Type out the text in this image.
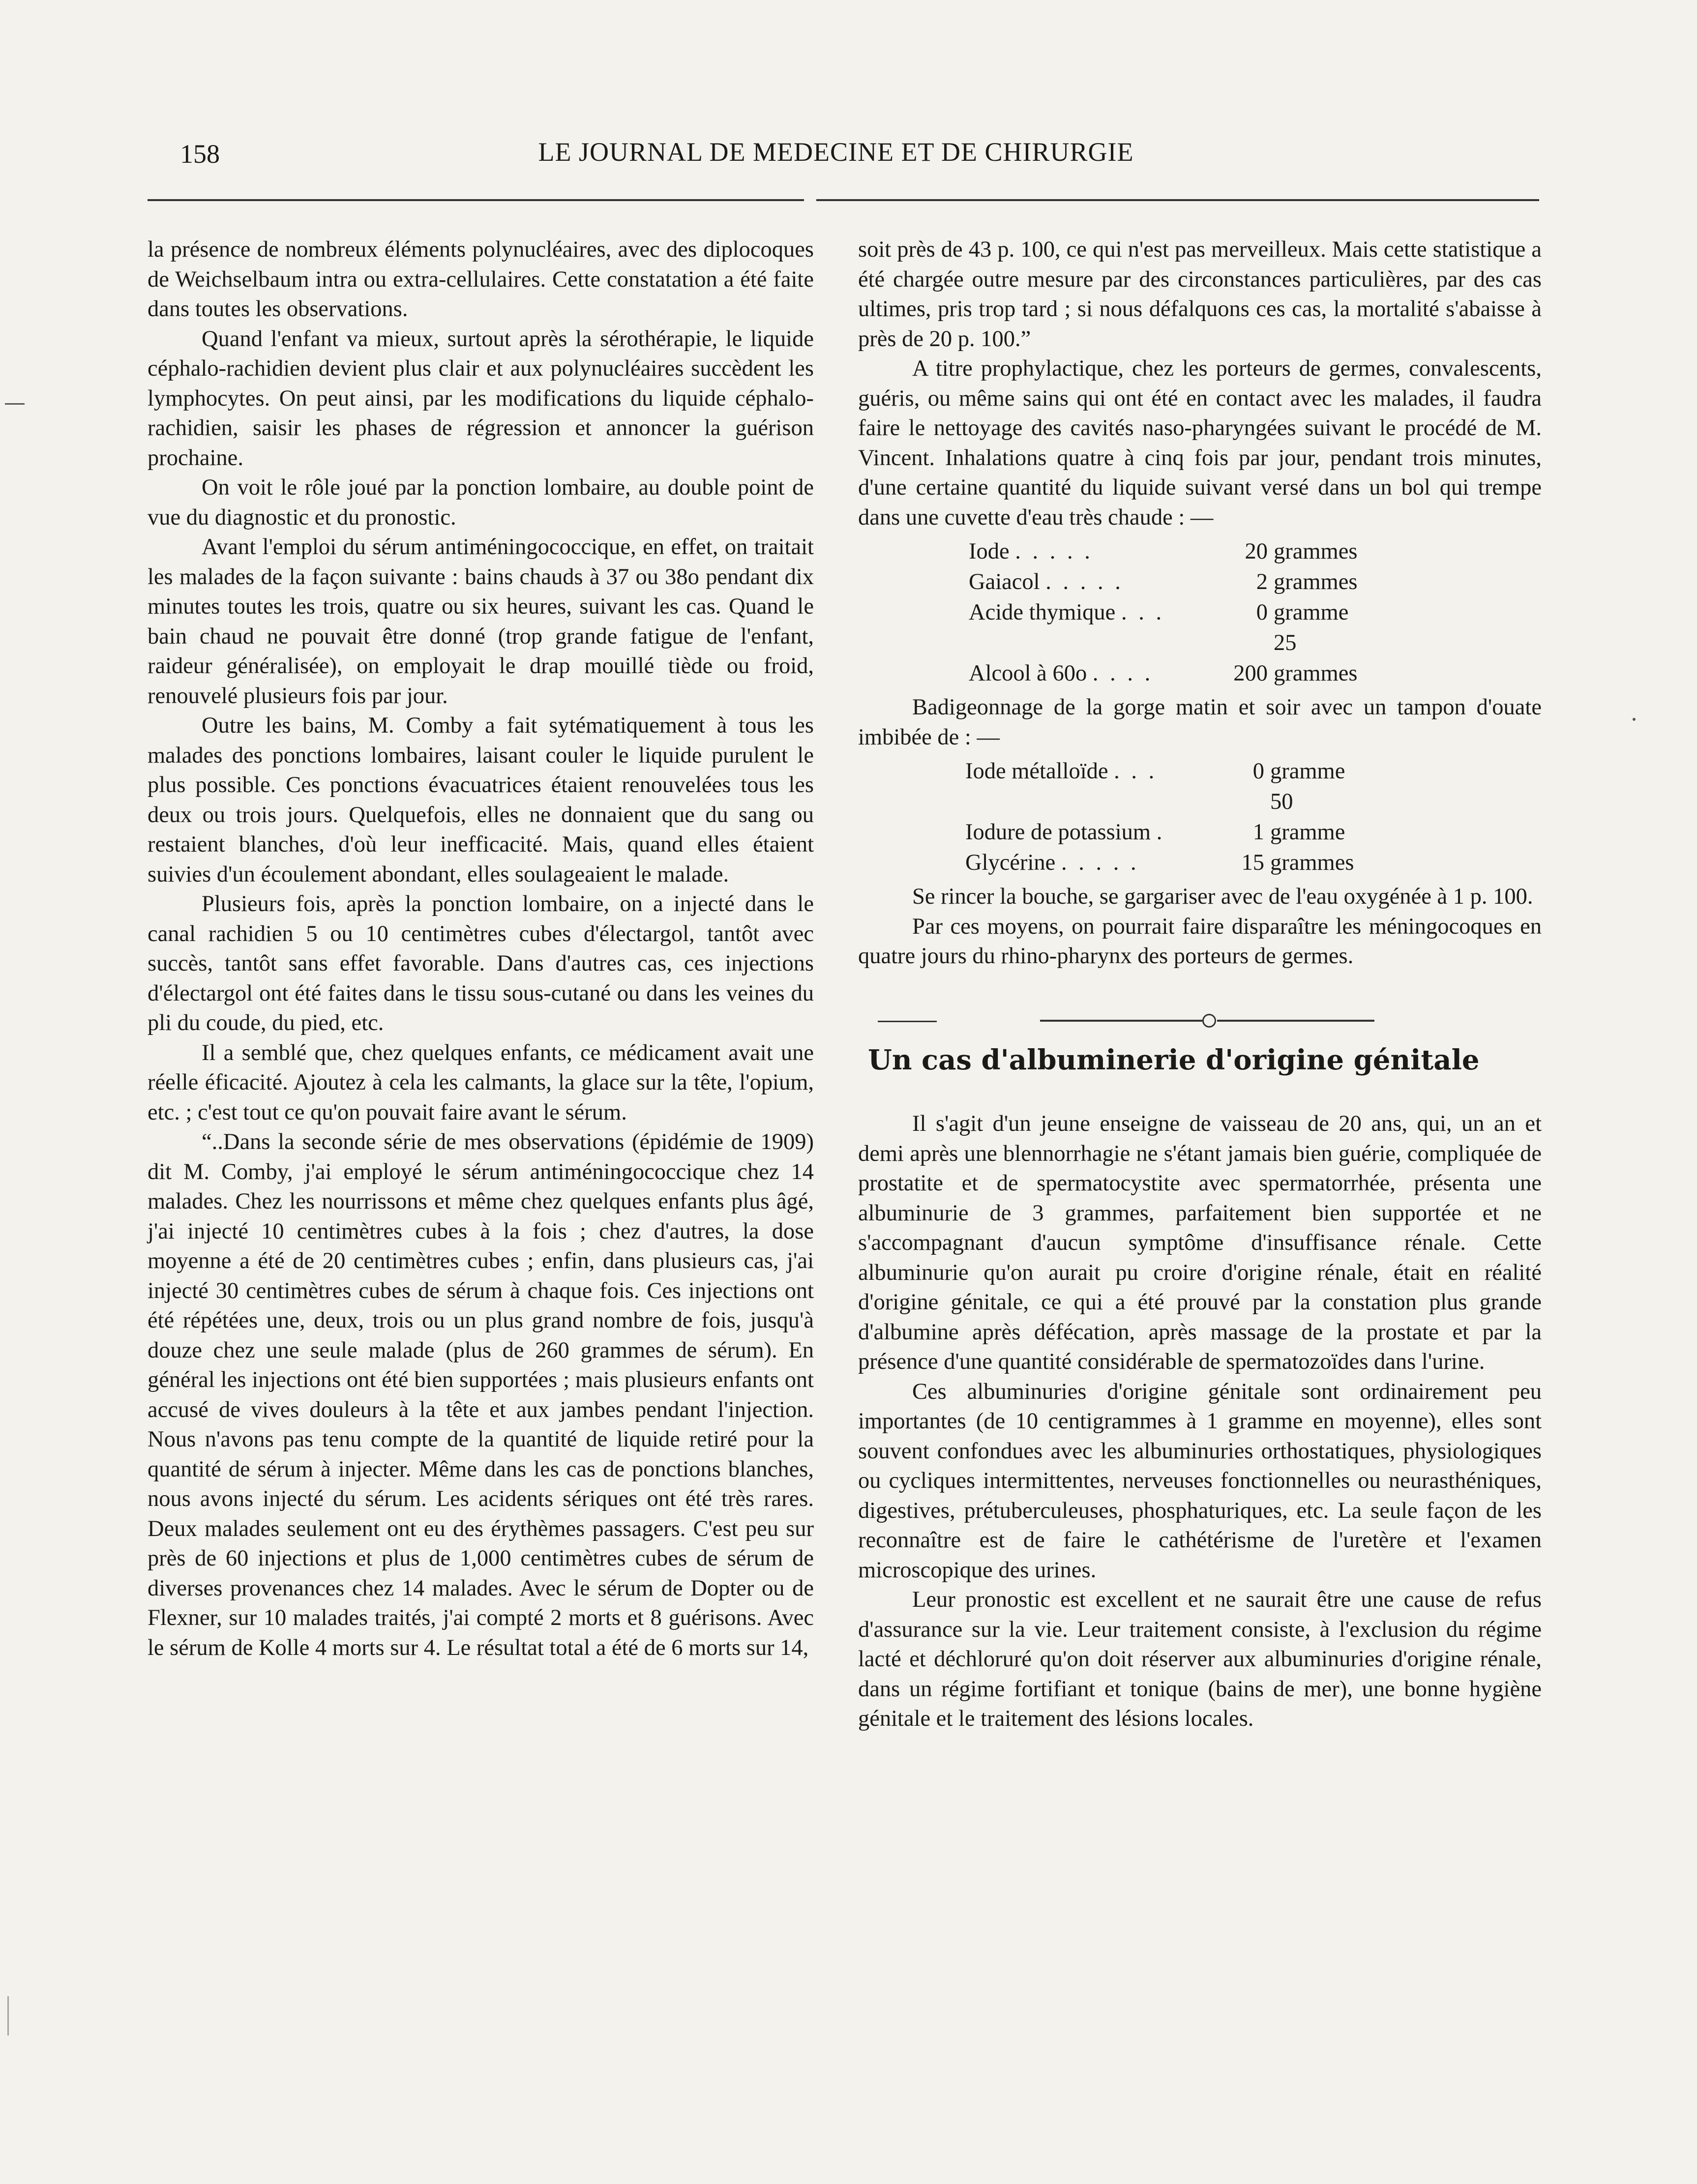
158	LE JOURNAL DE MEDECINE ET DE CHIRURGIE

la présence de nombreux éléments polynucléaires, avec des diplocoques de Weichselbaum intra ou extra-cellulaires. Cette constatation a été faite dans toutes les observations.

Quand l'enfant va mieux, surtout après la sérothérapie, le liquide céphalo-rachidien devient plus clair et aux polynucléaires succèdent les lymphocytes. On peut ainsi, par les modifications du liquide céphalo-rachidien, saisir les phases de régression et annoncer la guérison prochaine.

On voit le rôle joué par la ponction lombaire, au double point de vue du diagnostic et du pronostic.

Avant l'emploi du sérum antiméningococcique, en effet, on traitait les malades de la façon suivante : bains chauds à 37 ou 38o pendant dix minutes toutes les trois, quatre ou six heures, suivant les cas. Quand le bain chaud ne pouvait être donné (trop grande fatigue de l'enfant, raideur généralisée), on employait le drap mouillé tiède ou froid, renouvelé plusieurs fois par jour.

Outre les bains, M. Comby a fait sytématiquement à tous les malades des ponctions lombaires, laisant couler le liquide purulent le plus possible. Ces ponctions évacuatrices étaient renouvelées tous les deux ou trois jours. Quelquefois, elles ne donnaient que du sang ou restaient blanches, d'où leur inefficacité. Mais, quand elles étaient suivies d'un écoulement abondant, elles soulageaient le malade.

Plusieurs fois, après la ponction lombaire, on a injecté dans le canal rachidien 5 ou 10 centimètres cubes d'électargol, tantôt avec succès, tantôt sans effet favorable. Dans d'autres cas, ces injections d'électargol ont été faites dans le tissu sous-cutané ou dans les veines du pli du coude, du pied, etc.

Il a semblé que, chez quelques enfants, ce médicament avait une réelle éficacité. Ajoutez à cela les calmants, la glace sur la tête, l'opium, etc. ; c'est tout ce qu'on pouvait faire avant le sérum.

“..Dans la seconde série de mes observations (épidémie de 1909) dit M. Comby, j'ai employé le sérum antiméningococcique chez 14 malades. Chez les nourrissons et même chez quelques enfants plus âgé, j'ai injecté 10 centimètres cubes à la fois ; chez d'autres, la dose moyenne a été de 20 centimètres cubes ; enfin, dans plusieurs cas, j'ai injecté 30 centimètres cubes de sérum à chaque fois. Ces injections ont été répétées une, deux, trois ou un plus grand nombre de fois, jusqu'à douze chez une seule malade (plus de 260 grammes de sérum). En général les injections ont été bien supportées ; mais plusieurs enfants ont accusé de vives douleurs à la tête et aux jambes pendant l'injection. Nous n'avons pas tenu compte de la quantité de liquide retiré pour la quantité de sérum à injecter. Même dans les cas de ponctions blanches, nous avons injecté du sérum. Les acidents sériques ont été très rares. Deux malades seulement ont eu des érythèmes passagers. C'est peu sur près de 60 injections et plus de 1,000 centimètres cubes de sérum de diverses provenances chez 14 malades. Avec le sérum de Dopter ou de Flexner, sur 10 malades traités, j'ai compté 2 morts et 8 guérisons. Avec le sérum de Kolle 4 morts sur 4. Le résultat total a été de 6 morts sur 14,

soit près de 43 p. 100, ce qui n'est pas merveilleux. Mais cette statistique a été chargée outre mesure par des circonstances particulières, par des cas ultimes, pris trop tard ; si nous défalquons ces cas, la mortalité s'abaisse à près de 20 p. 100.”

A titre prophylactique, chez les porteurs de germes, convalescents, guéris, ou même sains qui ont été en contact avec les malades, il faudra faire le nettoyage des cavités naso-pharyngées suivant le procédé de M. Vincent. Inhalations quatre à cinq fois par jour, pendant trois minutes, d'une certaine quantité du liquide suivant versé dans un bol qui trempe dans une cuvette d'eau très chaude : —

Iode . . . . .	20 grammes
Gaiacol . . . . .	2 grammes
Acide thymique . . .	0 gramme 25
Alcool à 60o . . . .	200 grammes

Badigeonnage de la gorge matin et soir avec un tampon d'ouate imbibée de : —

Iode métalloïde . . .	0 gramme 50
Iodure de potassium .	1 gramme
Glycérine . . . . .	15 grammes

Se rincer la bouche, se gargariser avec de l'eau oxygénée à 1 p. 100.

Par ces moyens, on pourrait faire disparaître les méningocoques en quatre jours du rhino-pharynx des porteurs de germes.

Un cas d'albuminerie d'origine génitale

Il s'agit d'un jeune enseigne de vaisseau de 20 ans, qui, un an et demi après une blennorrhagie ne s'étant jamais bien guérie, compliquée de prostatite et de spermatocystite avec spermatorrhée, présenta une albuminurie de 3 grammes, parfaitement bien supportée et ne s'accompagnant d'aucun symptôme d'insuffisance rénale. Cette albuminurie qu'on aurait pu croire d'origine rénale, était en réalité d'origine génitale, ce qui a été prouvé par la constation plus grande d'albumine après défécation, après massage de la prostate et par la présence d'une quantité considérable de spermatozoïdes dans l'urine.

Ces albuminuries d'origine génitale sont ordinairement peu importantes (de 10 centigrammes à 1 gramme en moyenne), elles sont souvent confondues avec les albuminuries orthostatiques, physiologiques ou cycliques intermittentes, nerveuses fonctionnelles ou neurasthéniques, digestives, prétuberculeuses, phosphaturiques, etc. La seule façon de les reconnaître est de faire le cathétérisme de l'uretère et l'examen microscopique des urines.

Leur pronostic est excellent et ne saurait être une cause de refus d'assurance sur la vie. Leur traitement consiste, à l'exclusion du régime lacté et déchloruré qu'on doit réserver aux albuminuries d'origine rénale, dans un régime fortifiant et tonique (bains de mer), une bonne hygiène génitale et le traitement des lésions locales.
